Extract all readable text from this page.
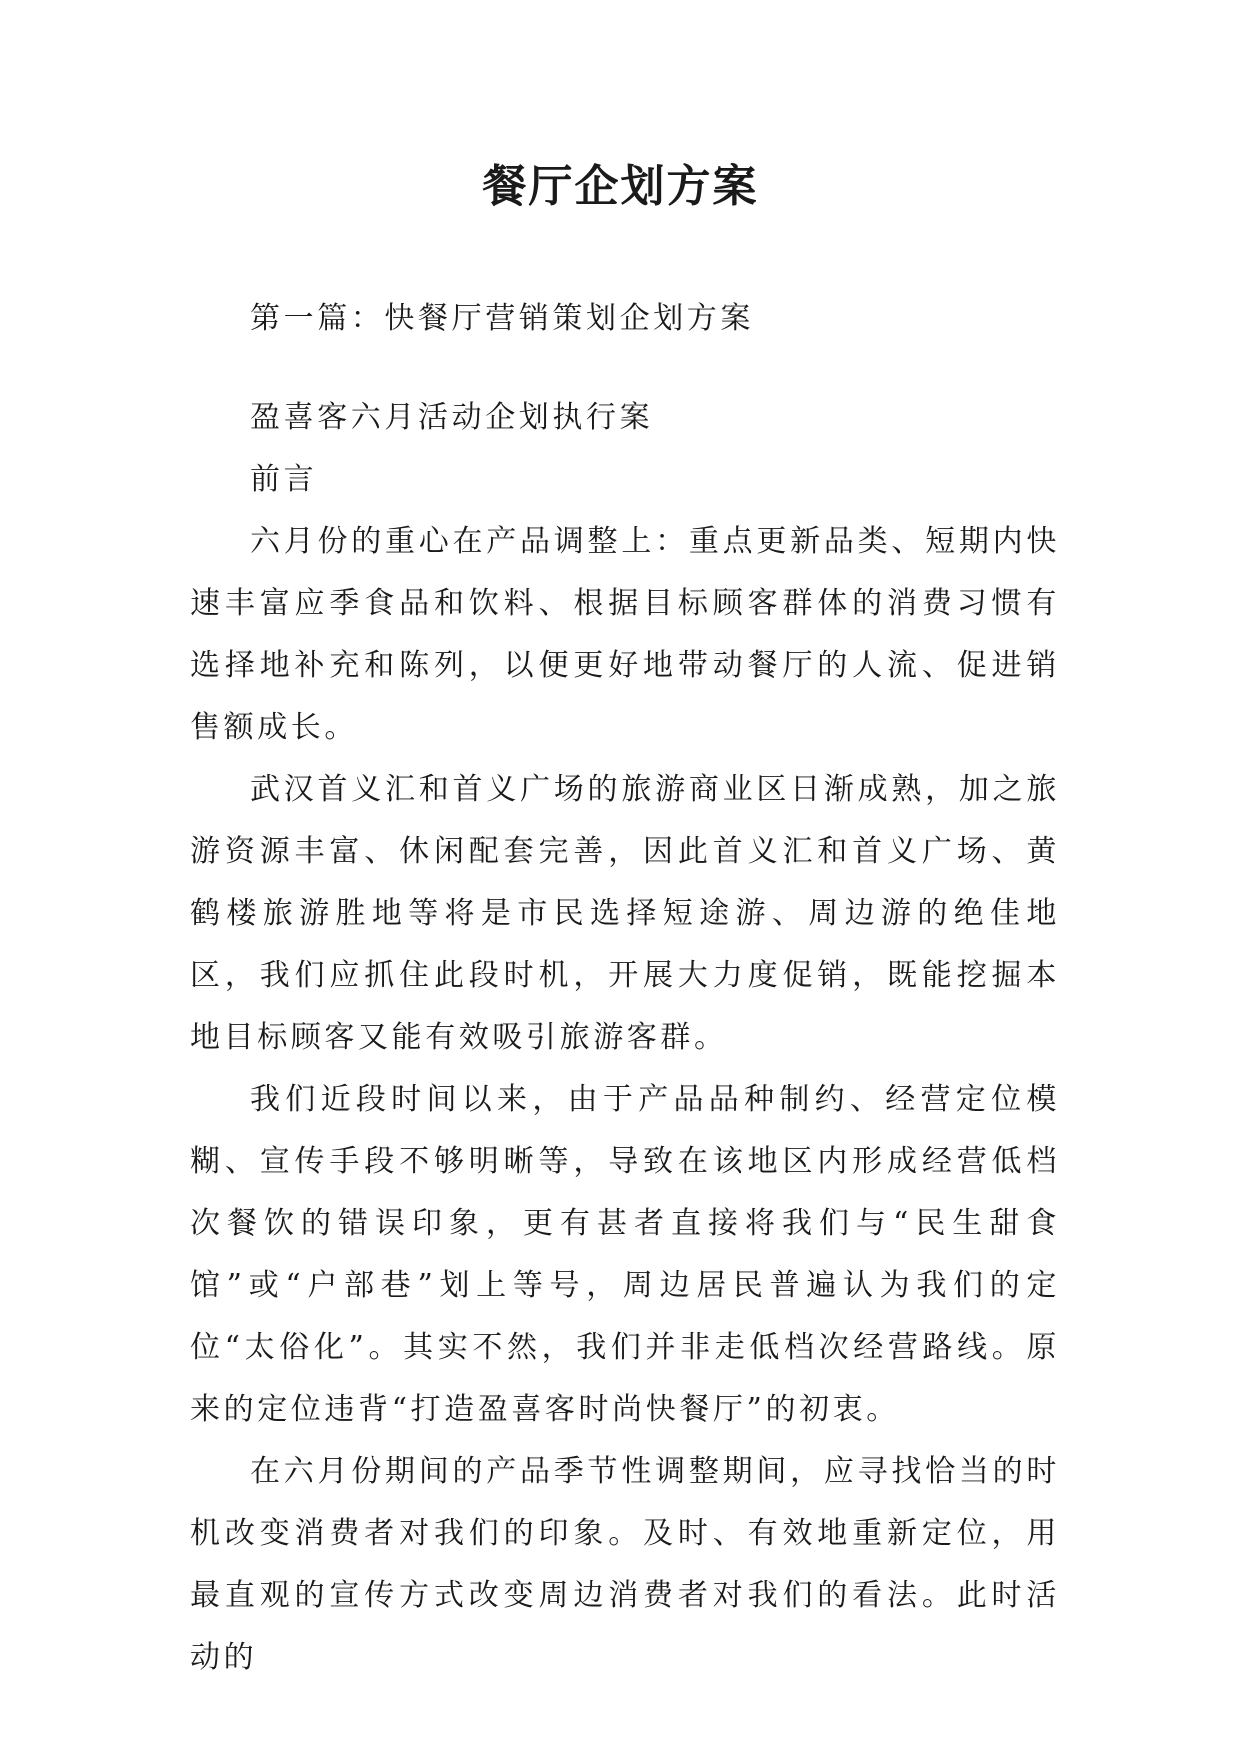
餐厅企划方案

第一篇：快餐厅营销策划企划方案

盈喜客六月活动企划执行案

前言

六月份的重心在产品调整上：重点更新品类、短期内快速丰富应季食品和饮料、根据目标顾客群体的消费习惯有选择地补充和陈列，以便更好地带动餐厅的人流、促进销售额成长。

武汉首义汇和首义广场的旅游商业区日渐成熟，加之旅游资源丰富、休闲配套完善，因此首义汇和首义广场、黄鹤楼旅游胜地等将是市民选择短途游、周边游的绝佳地区，我们应抓住此段时机，开展大力度促销，既能挖掘本地目标顾客又能有效吸引旅游客群。

我们近段时间以来，由于产品品种制约、经营定位模糊、宣传手段不够明晰等，导致在该地区内形成经营低档次餐饮的错误印象，更有甚者直接将我们与“民生甜食馆”或“户部巷”划上等号，周边居民普遍认为我们的定位“太俗化”。其实不然，我们并非走低档次经营路线。原来的定位违背“打造盈喜客时尚快餐厅”的初衷。

在六月份期间的产品季节性调整期间，应寻找恰当的时机改变消费者对我们的印象。及时、有效地重新定位，用最直观的宣传方式改变周边消费者对我们的看法。此时活动的
